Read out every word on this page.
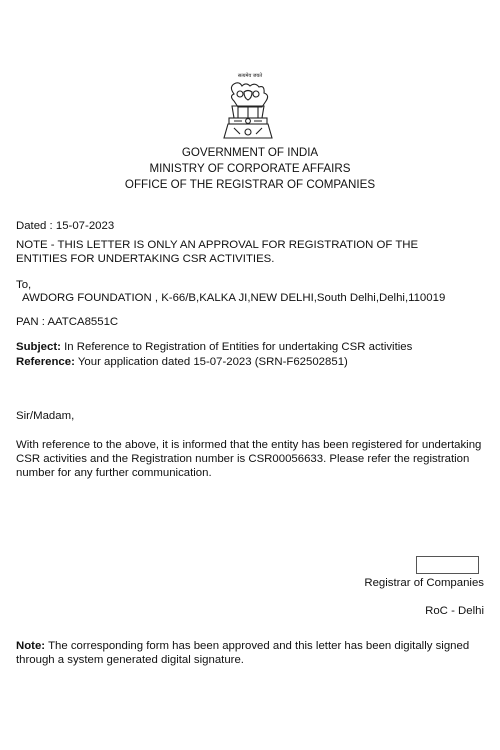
सत्यमेव जयते
GOVERNMENT OF INDIA
MINISTRY OF CORPORATE AFFAIRS
OFFICE OF THE REGISTRAR OF COMPANIES
Dated : 15-07-2023
NOTE - THIS LETTER IS ONLY AN APPROVAL FOR REGISTRATION OF THE ENTITIES FOR UNDERTAKING CSR ACTIVITIES.
To,
AWDORG FOUNDATION , K-66/B,KALKA JI,NEW DELHI,South Delhi,Delhi,110019
PAN : AATCA8551C
Subject: In Reference to Registration of Entities for undertaking CSR activities
Reference: Your application dated 15-07-2023 (SRN-F62502851)
Sir/Madam,
With reference to the above, it is informed that the entity has been registered for undertaking CSR activities and the Registration number is CSR00056633. Please refer the registration number for any further communication.
Registrar of Companies
RoC - Delhi
Note: The corresponding form has been approved and this letter has been digitally signed through a system generated digital signature.
